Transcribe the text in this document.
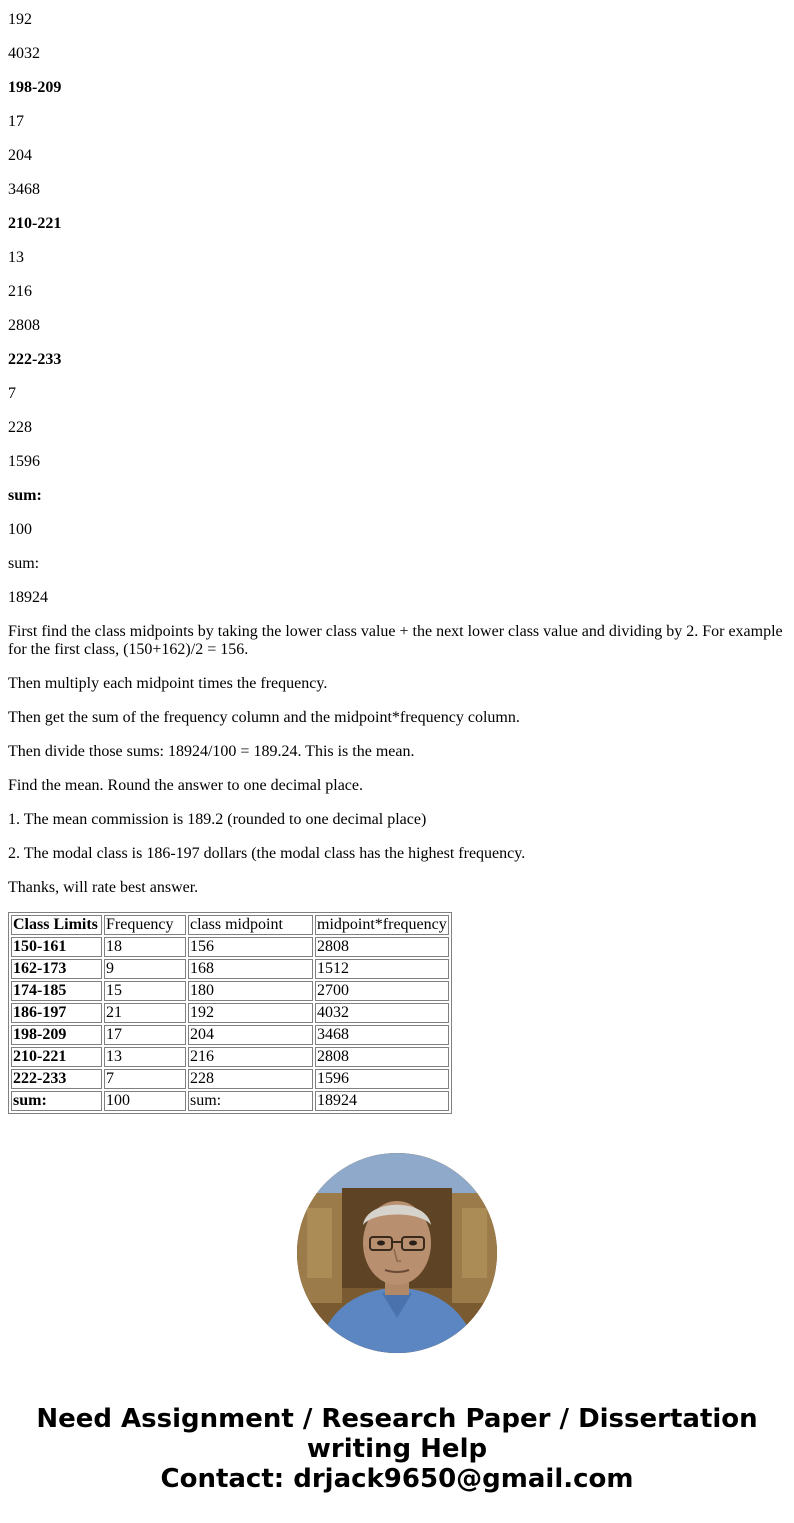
192

4032

198-209

17

204

3468

210-221

13

216

2808

222-233

7

228

1596

sum:

100

sum:

18924

First find the class midpoints by taking the lower class value + the next lower class value and dividing by 2. For example for the first class, (150+162)/2 = 156.

Then multiply each midpoint times the frequency.

Then get the sum of the frequency column and the midpoint*frequency column.

Then divide those sums: 18924/100 = 189.24. This is the mean.

Find the mean. Round the answer to one decimal place.

1. The mean commission is 189.2 (rounded to one decimal place)

2. The modal class is 186-197 dollars (the modal class has the highest frequency.

Thanks, will rate best answer.

Class Limits	Frequency	class midpoint	midpoint*frequency
150-161	18	156	2808
162-173	9	168	1512
174-185	15	180	2700
186-197	21	192	4032
198-209	17	204	3468
210-221	13	216	2808
222-233	7	228	1596
sum:	100	sum:	18924
Need Assignment / Research Paper / Dissertation
writing Help
Contact: drjack9650@gmail.com
